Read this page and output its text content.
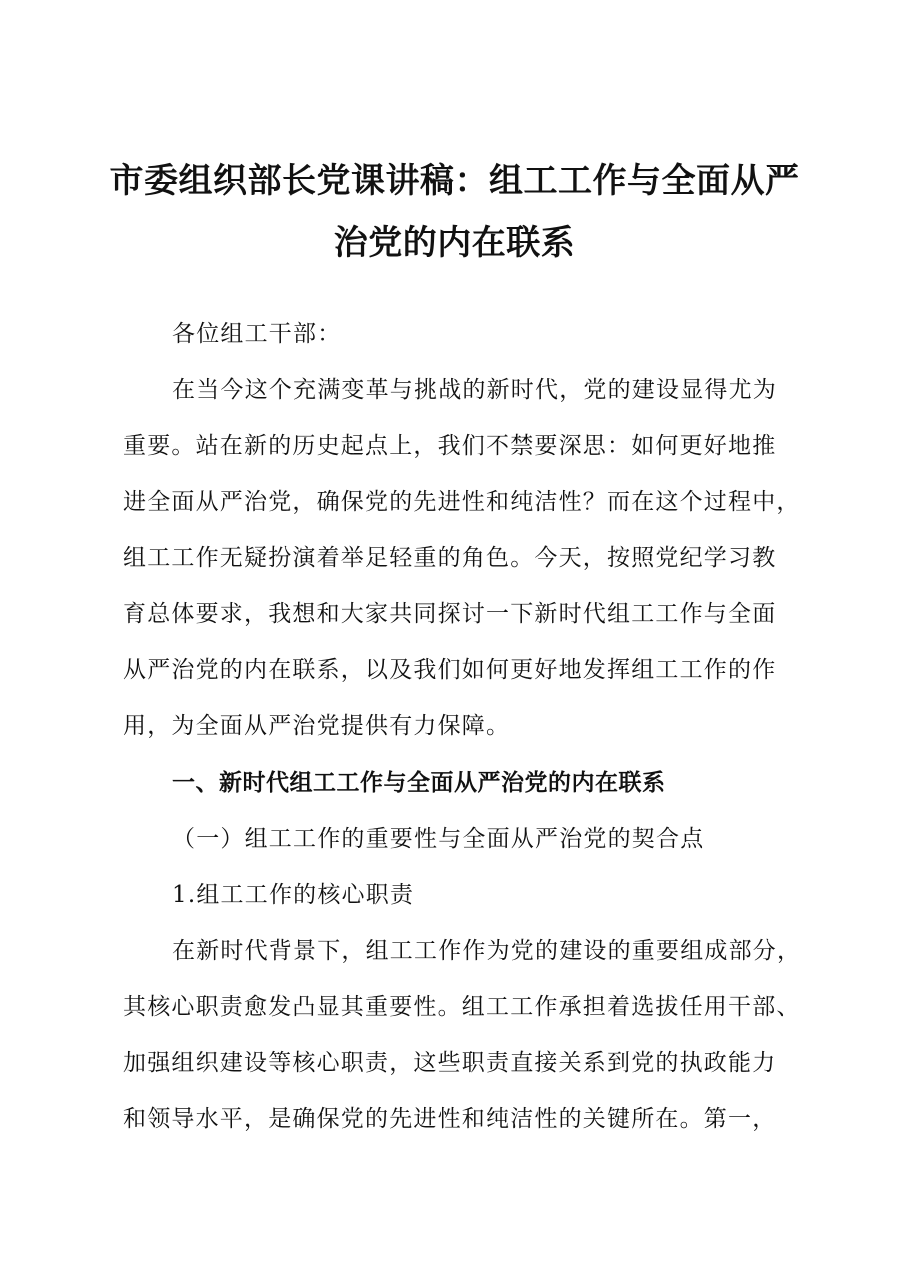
市委组织部长党课讲稿：组工工作与全面从严
治党的内在联系
各位组工干部：
在当今这个充满变革与挑战的新时代，党的建设显得尤为
重要。站在新的历史起点上，我们不禁要深思：如何更好地推
进全面从严治党，确保党的先进性和纯洁性？而在这个过程中，
组工工作无疑扮演着举足轻重的角色。今天，按照党纪学习教
育总体要求，我想和大家共同探讨一下新时代组工工作与全面
从严治党的内在联系，以及我们如何更好地发挥组工工作的作
用，为全面从严治党提供有力保障。
一、新时代组工工作与全面从严治党的内在联系
（一）组工工作的重要性与全面从严治党的契合点
1.组工工作的核心职责
在新时代背景下，组工工作作为党的建设的重要组成部分，
其核心职责愈发凸显其重要性。组工工作承担着选拔任用干部、
加强组织建设等核心职责，这些职责直接关系到党的执政能力
和领导水平，是确保党的先进性和纯洁性的关键所在。第一，
